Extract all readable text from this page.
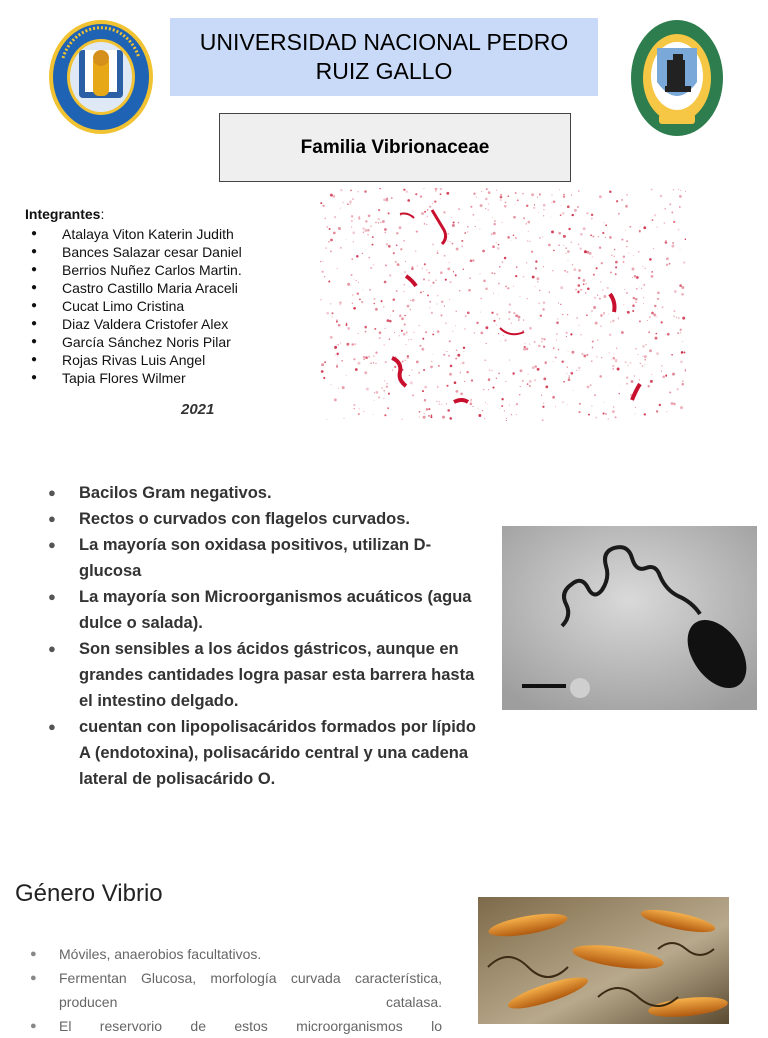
UNIVERSIDAD NACIONAL PEDRO RUIZ GALLO
Familia Vibrionaceae
Integrantes:
● Atalaya Viton Katerin Judith
● Bances Salazar cesar Daniel
● Berrios Nuñez Carlos Martin.
● Castro Castillo Maria Araceli
● Cucat Limo Cristina
● Diaz Valdera Cristofer Alex
● García Sánchez Noris Pilar
● Rojas Rivas Luis Angel
● Tapia Flores Wilmer
2021
● Bacilos Gram negativos.
● Rectos o curvados con flagelos curvados.
● La mayoría son oxidasa positivos, utilizan D-glucosa
● La mayoría son Microorganismos acuáticos (agua dulce o salada).
● Son sensibles a los ácidos gástricos, aunque en grandes cantidades logra pasar esta barrera hasta el intestino delgado.
● cuentan con lipopolisacáridos formados por lípido A (endotoxina), polisacárido central y una cadena lateral de polisacárido O.
Género Vibrio
● Móviles, anaerobios facultativos.
● Fermentan Glucosa, morfología curvada característica, producen catalasa.
● El reservorio de estos microorganismos lo
